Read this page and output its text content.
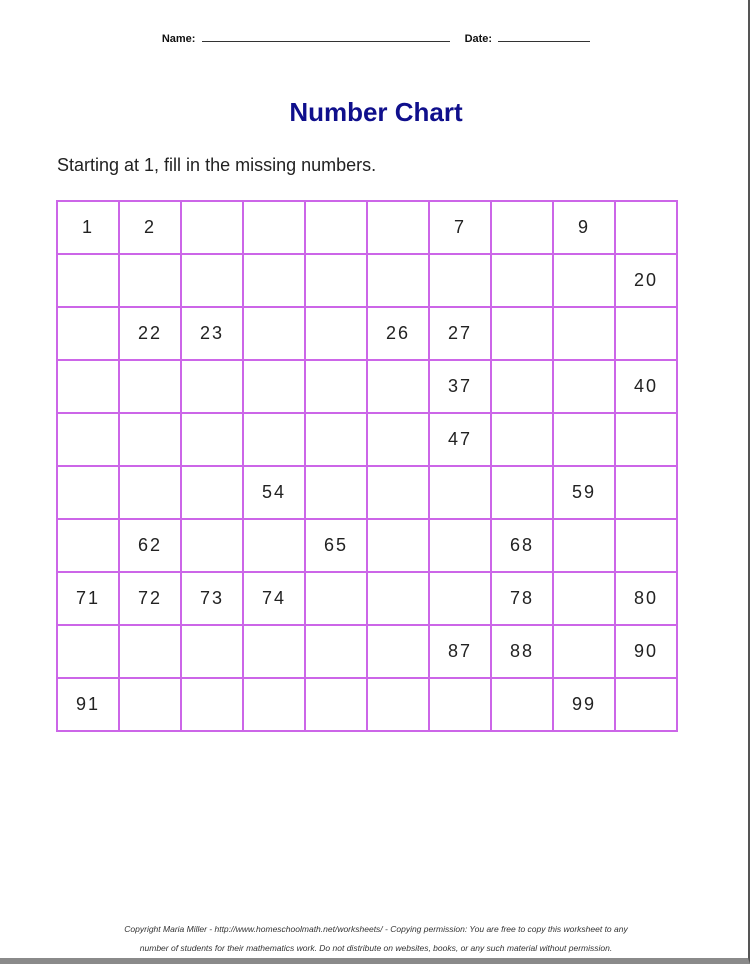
Name:	Date:
Number Chart
Starting at 1, fill in the missing numbers.
1	2					7		9	
									20
	22	23			26	27			
						37			40
						47			
			54					59	
	62			65			68		
71	72	73	74				78		80
						87	88		90
91								99	
Copyright Maria Miller - http://www.homeschoolmath.net/worksheets/ - Copying permission: You are free to copy this worksheet to any
number of students for their mathematics work. Do not distribute on websites, books, or any such material without permission.
